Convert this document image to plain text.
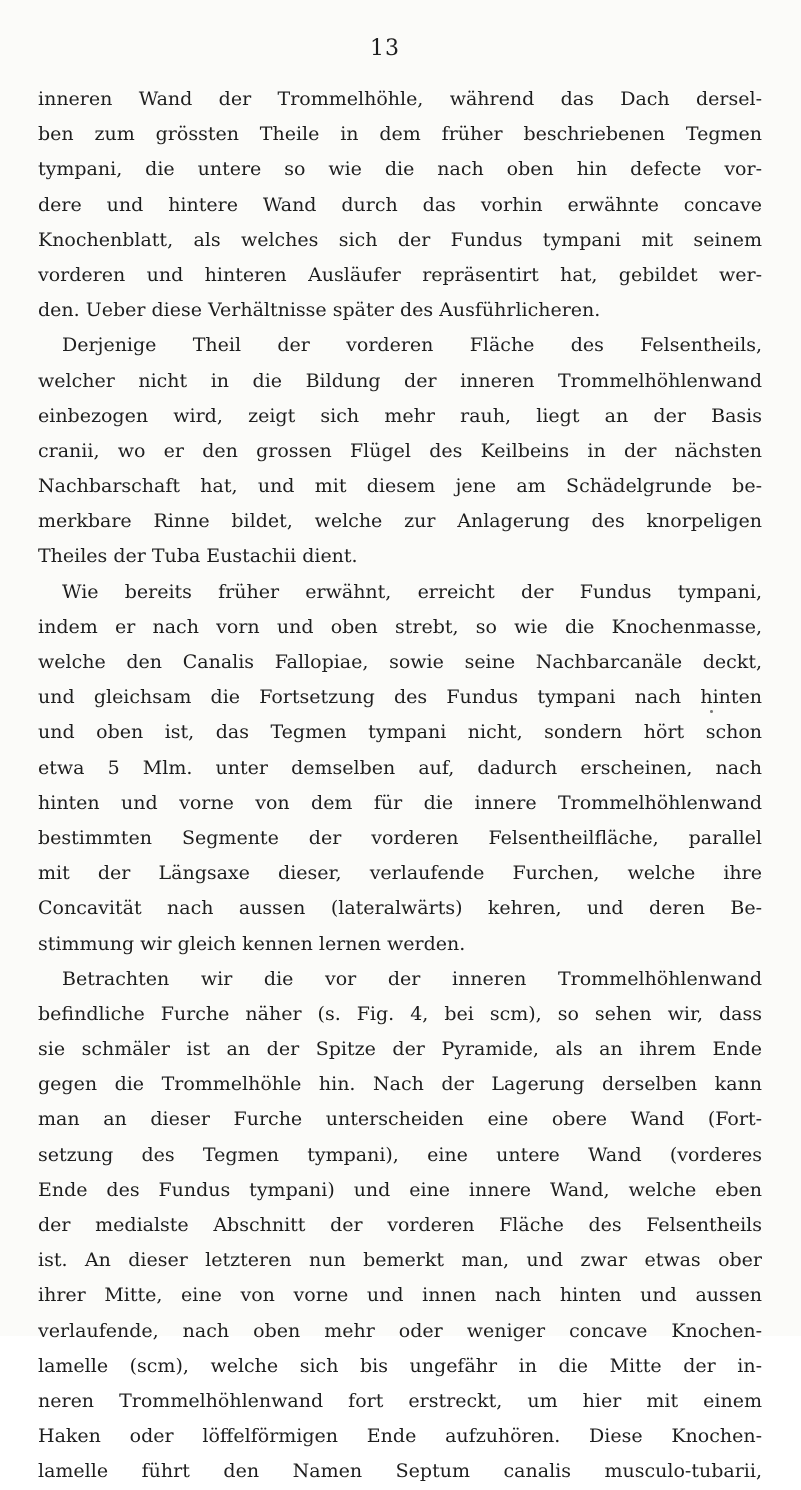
13
inneren Wand der Trommelhöhle, während das Dach dersel-
ben zum grössten Theile in dem früher beschriebenen Tegmen
tympani, die untere so wie die nach oben hin defecte vor-
dere und hintere Wand durch das vorhin erwähnte concave
Knochenblatt, als welches sich der Fundus tympani mit seinem
vorderen und hinteren Ausläufer repräsentirt hat, gebildet wer-
den. Ueber diese Verhältnisse später des Ausführlicheren.
Derjenige Theil der vorderen Fläche des Felsentheils,
welcher nicht in die Bildung der inneren Trommelhöhlenwand
einbezogen wird, zeigt sich mehr rauh, liegt an der Basis
cranii, wo er den grossen Flügel des Keilbeins in der nächsten
Nachbarschaft hat, und mit diesem jene am Schädelgrunde be-
merkbare Rinne bildet, welche zur Anlagerung des knorpeligen
Theiles der Tuba Eustachii dient.
Wie bereits früher erwähnt, erreicht der Fundus tympani,
indem er nach vorn und oben strebt, so wie die Knochenmasse,
welche den Canalis Fallopiae, sowie seine Nachbarcanäle deckt,
und gleichsam die Fortsetzung des Fundus tympani nach hinten
und oben ist, das Tegmen tympani nicht, sondern hört schon
etwa 5 Mlm. unter demselben auf, dadurch erscheinen, nach
hinten und vorne von dem für die innere Trommelhöhlenwand
bestimmten Segmente der vorderen Felsentheilfläche, parallel
mit der Längsaxe dieser, verlaufende Furchen, welche ihre
Concavität nach aussen (lateralwärts) kehren, und deren Be-
stimmung wir gleich kennen lernen werden.
Betrachten wir die vor der inneren Trommelhöhlenwand
befindliche Furche näher (s. Fig. 4, bei scm), so sehen wir, dass
sie schmäler ist an der Spitze der Pyramide, als an ihrem Ende
gegen die Trommelhöhle hin. Nach der Lagerung derselben kann
man an dieser Furche unterscheiden eine obere Wand (Fort-
setzung des Tegmen tympani), eine untere Wand (vorderes
Ende des Fundus tympani) und eine innere Wand, welche eben
der medialste Abschnitt der vorderen Fläche des Felsentheils
ist. An dieser letzteren nun bemerkt man, und zwar etwas ober
ihrer Mitte, eine von vorne und innen nach hinten und aussen
verlaufende, nach oben mehr oder weniger concave Knochen-
lamelle (scm), welche sich bis ungefähr in die Mitte der in-
neren Trommelhöhlenwand fort erstreckt, um hier mit einem
Haken oder löffelförmigen Ende aufzuhören. Diese Knochen-
lamelle führt den Namen Septum canalis musculo-tubarii,
